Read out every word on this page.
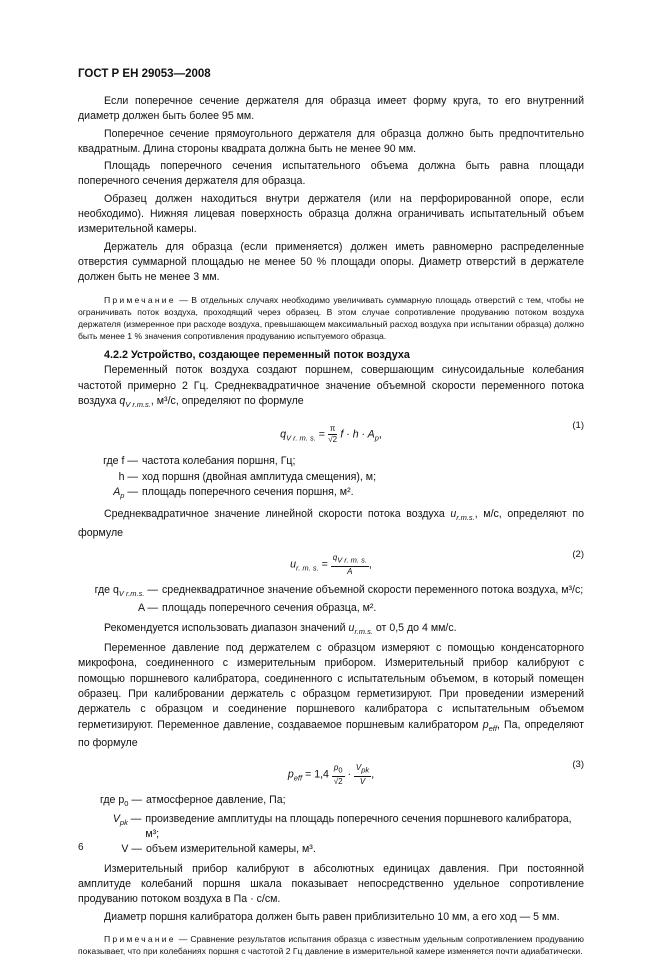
ГОСТ Р ЕН 29053—2008

Если поперечное сечение держателя для образца имеет форму круга, то его внутренний диаметр должен быть более 95 мм.

Поперечное сечение прямоугольного держателя для образца должно быть предпочтительно квадратным. Длина стороны квадрата должна быть не менее 90 мм.

Площадь поперечного сечения испытательного объема должна быть равна площади поперечного сечения держателя для образца.

Образец должен находиться внутри держателя (или на перфорированной опоре, если необходимо). Нижняя лицевая поверхность образца должна ограничивать испытательный объем измерительной камеры.

Держатель для образца (если применяется) должен иметь равномерно распределенные отверстия суммарной площадью не менее 50 % площади опоры. Диаметр отверстий в держателе должен быть не менее 3 мм.

Примечание — В отдельных случаях необходимо увеличивать суммарную площадь отверстий с тем, чтобы не ограничивать поток воздуха, проходящий через образец. В этом случае сопротивление продуванию потоком воздуха держателя (измеренное при расходе воздуха, превышающем максимальный расход воздуха при испытании образца) должно быть менее 1 % значения сопротивления продуванию испытуемого образца.
4.2.2 Устройство, создающее переменный поток воздуха

Переменный поток воздуха создают поршнем, совершающим синусоидальные колебания частотой примерно 2 Гц. Среднеквадратичное значение объемной скорости переменного потока воздуха $q_{V r.m.s.}$, м³/с, определяют по формуле

$q_{V r. m. s.} = \frac{\pi}{√2}$ $f \cdot h \cdot A_p$,
(1)
где f — частота колебания поршня, Гц;
h — ход поршня (двойная амплитуда смещения), м;
$A_p$ — площадь поперечного сечения поршня, м².

Среднеквадратичное значение линейной скорости потока воздуха $u_{r.m.s.}$, м/с, определяют по формуле

$u_{r. m. s.} = \frac{q_{V r. m. s.}}{A}$ ,
(2)
где $q_{V r.m.s.}$ — среднеквадратичное значение объемной скорости переменного потока воздуха, м³/с;
A — площадь поперечного сечения образца, м².

Рекомендуется использовать диапазон значений $u_{r.m.s.}$ от 0,5 до 4 мм/с.

Переменное давление под держателем с образцом измеряют с помощью конденсаторного микрофона, соединенного с измерительным прибором. Измерительный прибор калибруют с помощью поршневого калибратора, соединенного с испытательным объемом, в который помещен образец. При калибровании держатель с образцом герметизируют. При проведении измерений держатель с образцом и соединение поршневого калибратора с испытательным объемом герметизируют. Переменное давление, создаваемое поршневым калибратором $p_{eff}$, Па, определяют по формуле

$p_{eff} = 1,4 \frac{p_0}{√2} \cdot \frac{V_{pk}}{V}$ ,
(3)
где $p_0$ — атмосферное давление, Па;
$V_{pk}$ — произведение амплитуды на площадь поперечного сечения поршневого калибратора, м³;
V — объем измерительной камеры, м³.

Измерительный прибор калибруют в абсолютных единицах давления. При постоянной амплитуде колебаний поршня шкала показывает непосредственно удельное сопротивление продуванию потоком воздуха в Па · с/см.

Диаметр поршня калибратора должен быть равен приблизительно 10 мм, а его ход — 5 мм.

Примечание — Сравнение результатов испытания образца с известным удельным сопротивлением продуванию показывает, что при колебаниях поршня с частотой 2 Гц давление в измерительной камере изменяется почти адиабатически.
6
